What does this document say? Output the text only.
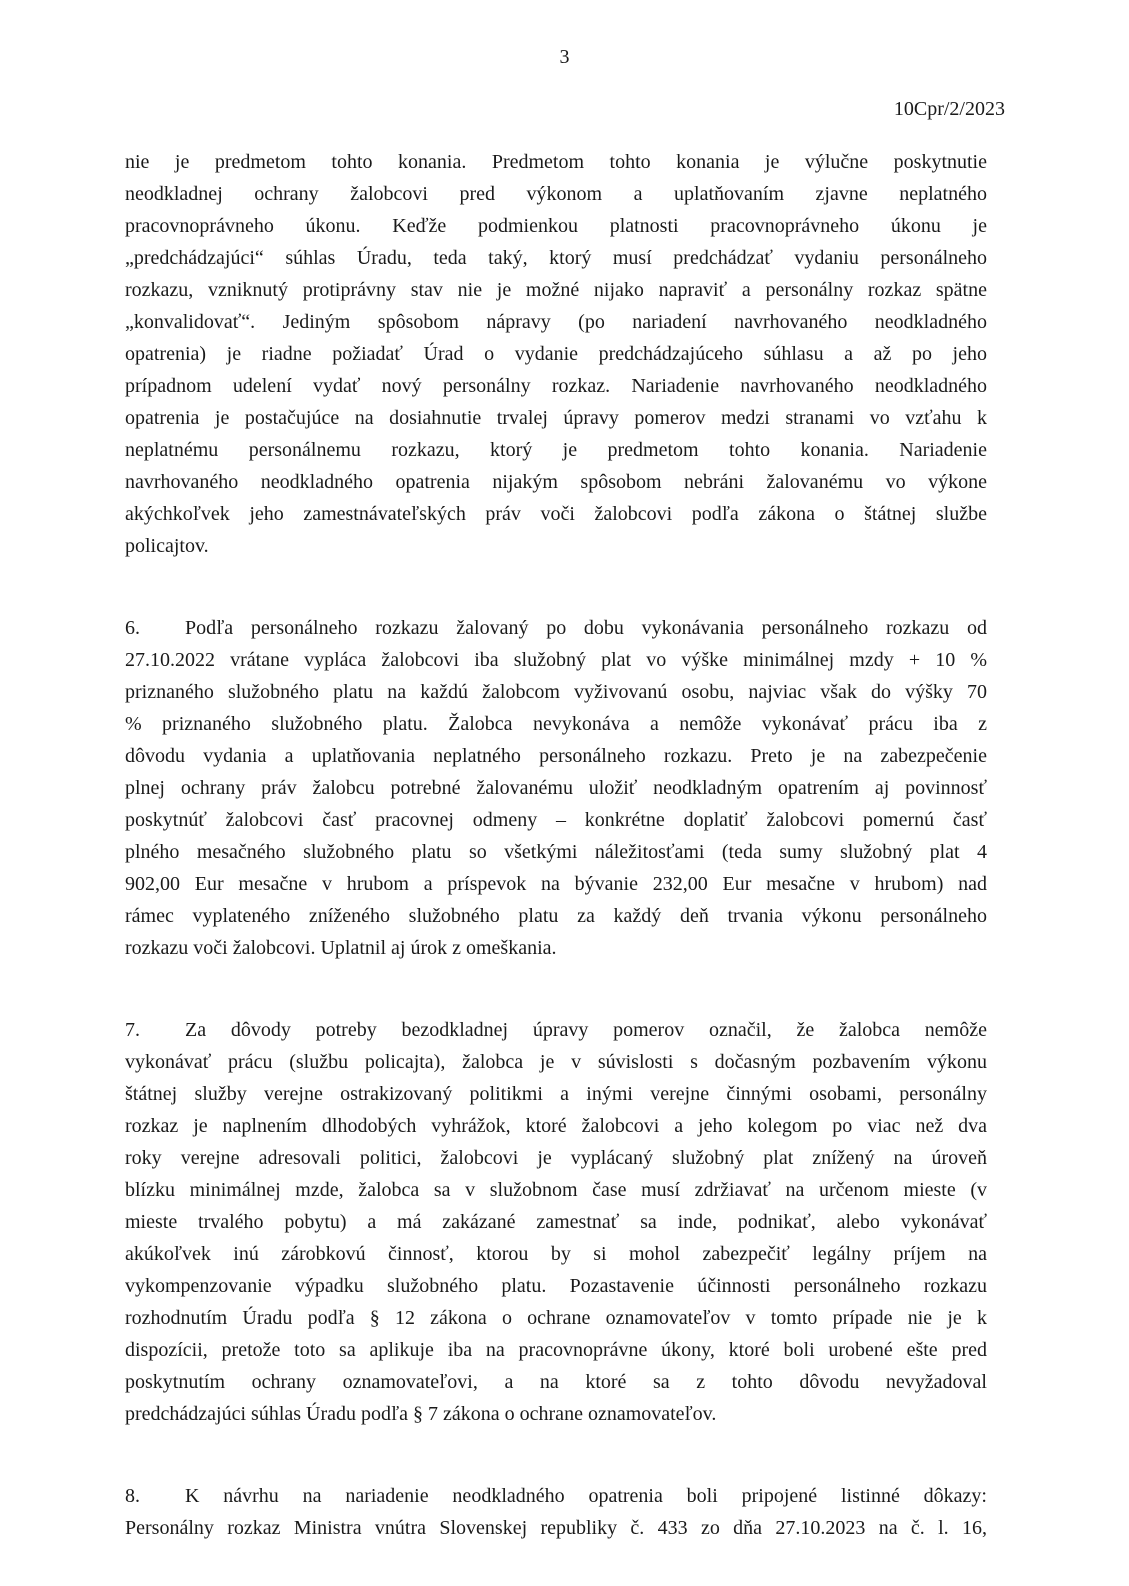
3
10Cpr/2/2023

nie je predmetom tohto konania. Predmetom tohto konania je výlučne poskytnutie
neodkladnej ochrany žalobcovi pred výkonom a uplatňovaním zjavne neplatného
pracovnoprávneho úkonu. Keďže podmienkou platnosti pracovnoprávneho úkonu je
„predchádzajúci“ súhlas Úradu, teda taký, ktorý musí predchádzať vydaniu personálneho
rozkazu, vzniknutý protiprávny stav nie je možné nijako napraviť a personálny rozkaz spätne
„konvalidovať“. Jediným spôsobom nápravy (po nariadení navrhovaného neodkladného
opatrenia) je riadne požiadať Úrad o vydanie predchádzajúceho súhlasu a až po jeho
prípadnom udelení vydať nový personálny rozkaz. Nariadenie navrhovaného neodkladného
opatrenia je postačujúce na dosiahnutie trvalej úpravy pomerov medzi stranami vo vzťahu k
neplatnému personálnemu rozkazu, ktorý je predmetom tohto konania. Nariadenie
navrhovaného neodkladného opatrenia nijakým spôsobom nebráni žalovanému vo výkone
akýchkoľvek jeho zamestnávateľských práv voči žalobcovi podľa zákona o štátnej službe
policajtov.

6. Podľa personálneho rozkazu žalovaný po dobu vykonávania personálneho rozkazu od
27.10.2022 vrátane vypláca žalobcovi iba služobný plat vo výške minimálnej mzdy + 10 %
priznaného služobného platu na každú žalobcom vyživovanú osobu, najviac však do výšky 70
% priznaného služobného platu. Žalobca nevykonáva a nemôže vykonávať prácu iba z
dôvodu vydania a uplatňovania neplatného personálneho rozkazu. Preto je na zabezpečenie
plnej ochrany práv žalobcu potrebné žalovanému uložiť neodkladným opatrením aj povinnosť
poskytnúť žalobcovi časť pracovnej odmeny – konkrétne doplatiť žalobcovi pomernú časť
plného mesačného služobného platu so všetkými náležitosťami (teda sumy služobný plat 4
902,00 Eur mesačne v hrubom a príspevok na bývanie 232,00 Eur mesačne v hrubom) nad
rámec vyplateného zníženého služobného platu za každý deň trvania výkonu personálneho
rozkazu voči žalobcovi. Uplatnil aj úrok z omeškania.

7. Za dôvody potreby bezodkladnej úpravy pomerov označil, že žalobca nemôže
vykonávať prácu (službu policajta), žalobca je v súvislosti s dočasným pozbavením výkonu
štátnej služby verejne ostrakizovaný politikmi a inými verejne činnými osobami, personálny
rozkaz je naplnením dlhodobých vyhrážok, ktoré žalobcovi a jeho kolegom po viac než dva
roky verejne adresovali politici, žalobcovi je vyplácaný služobný plat znížený na úroveň
blízku minimálnej mzde, žalobca sa v služobnom čase musí zdržiavať na určenom mieste (v
mieste trvalého pobytu) a má zakázané zamestnať sa inde, podnikať, alebo vykonávať
akúkoľvek inú zárobkovú činnosť, ktorou by si mohol zabezpečiť legálny príjem na
vykompenzovanie výpadku služobného platu. Pozastavenie účinnosti personálneho rozkazu
rozhodnutím Úradu podľa § 12 zákona o ochrane oznamovateľov v tomto prípade nie je k
dispozícii, pretože toto sa aplikuje iba na pracovnoprávne úkony, ktoré boli urobené ešte pred
poskytnutím ochrany oznamovateľovi, a na ktoré sa z tohto dôvodu nevyžadoval
predchádzajúci súhlas Úradu podľa § 7 zákona o ochrane oznamovateľov.

8. K návrhu na nariadenie neodkladného opatrenia boli pripojené listinné dôkazy:
Personálny rozkaz Ministra vnútra Slovenskej republiky č. 433 zo dňa 27.10.2023 na č. l. 16,
